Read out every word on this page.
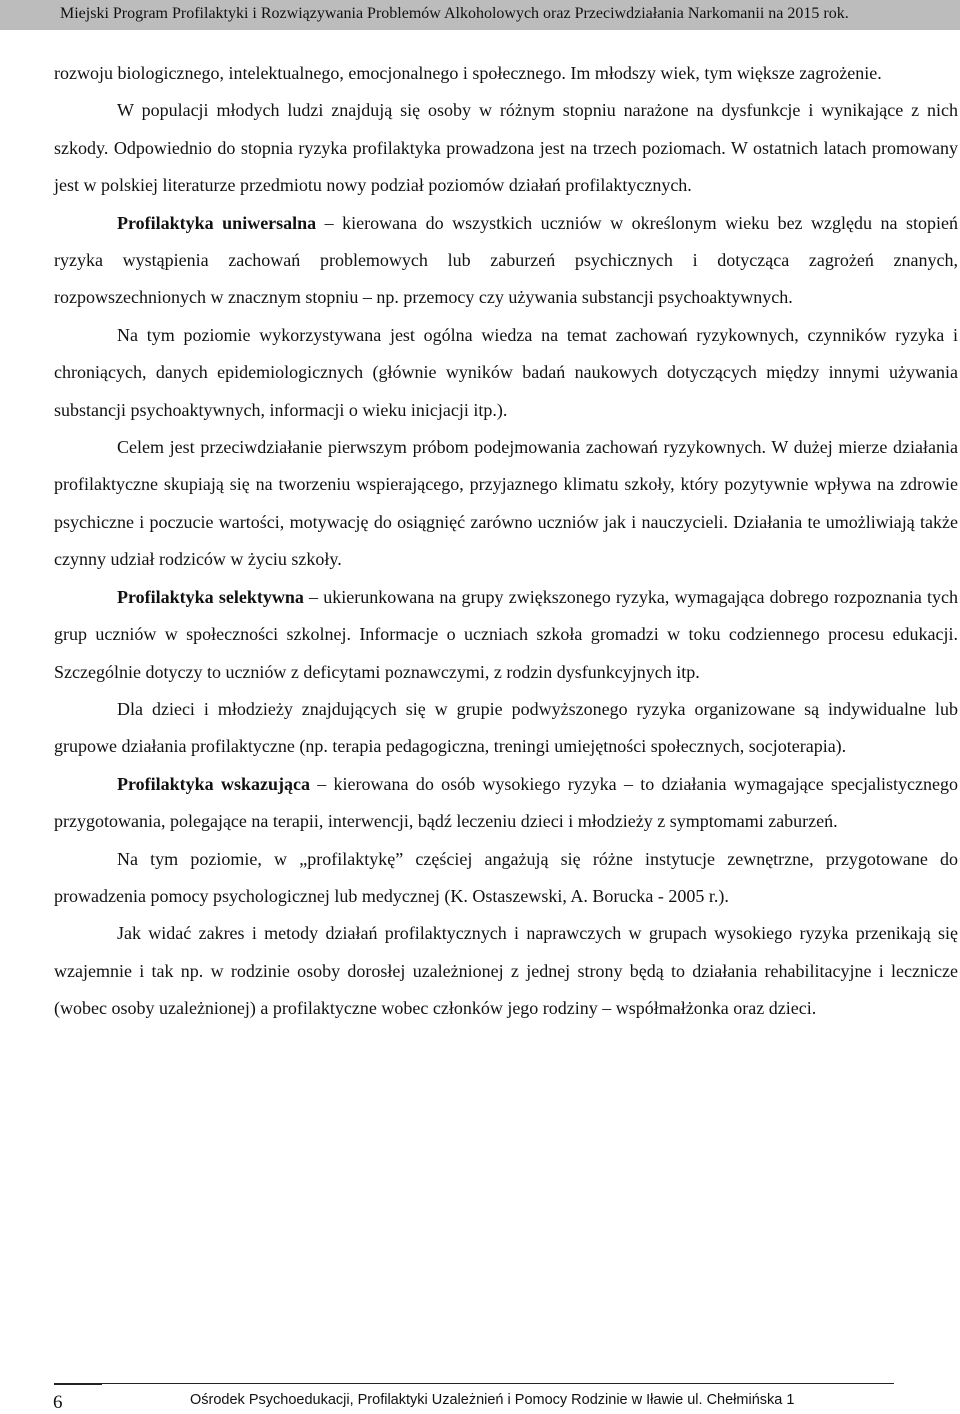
Miejski Program Profilaktyki i Rozwiązywania Problemów Alkoholowych oraz Przeciwdziałania Narkomanii na 2015 rok.

rozwoju biologicznego, intelektualnego, emocjonalnego i społecznego. Im młodszy wiek, tym większe zagrożenie.

W populacji młodych ludzi znajdują się osoby w różnym stopniu narażone na dysfunkcje i wynikające z nich szkody. Odpowiednio do stopnia ryzyka profilaktyka prowadzona jest na trzech poziomach. W ostatnich latach promowany jest w polskiej literaturze przedmiotu nowy podział poziomów działań profilaktycznych.

Profilaktyka uniwersalna – kierowana do wszystkich uczniów w określonym wieku bez względu na stopień ryzyka wystąpienia zachowań problemowych lub zaburzeń psychicznych i dotycząca zagrożeń znanych, rozpowszechnionych w znacznym stopniu – np. przemocy czy używania substancji psychoaktywnych.

Na tym poziomie wykorzystywana jest ogólna wiedza na temat zachowań ryzykownych, czynników ryzyka i chroniących, danych epidemiologicznych (głównie wyników badań naukowych dotyczących między innymi używania substancji psychoaktywnych, informacji o wieku inicjacji itp.).

Celem jest przeciwdziałanie pierwszym próbom podejmowania zachowań ryzykownych. W dużej mierze działania profilaktyczne skupiają się na tworzeniu wspierającego, przyjaznego klimatu szkoły, który pozytywnie wpływa na zdrowie psychiczne i poczucie wartości, motywację do osiągnięć zarówno uczniów jak i nauczycieli. Działania te umożliwiają także czynny udział rodziców w życiu szkoły.

Profilaktyka selektywna – ukierunkowana na grupy zwiększonego ryzyka, wymagająca dobrego rozpoznania tych grup uczniów w społeczności szkolnej. Informacje o uczniach szkoła gromadzi w toku codziennego procesu edukacji. Szczególnie dotyczy to uczniów z deficytami poznawczymi, z rodzin dysfunkcyjnych itp.

Dla dzieci i młodzieży znajdujących się w grupie podwyższonego ryzyka organizowane są indywidualne lub grupowe działania profilaktyczne (np. terapia pedagogiczna, treningi umiejętności społecznych, socjoterapia).

Profilaktyka wskazująca – kierowana do osób wysokiego ryzyka – to działania wymagające specjalistycznego przygotowania, polegające na terapii, interwencji, bądź leczeniu dzieci i młodzieży z symptomami zaburzeń.

Na tym poziomie, w „profilaktykę” częściej angażują się różne instytucje zewnętrzne, przygotowane do prowadzenia pomocy psychologicznej lub medycznej (K. Ostaszewski, A. Borucka - 2005 r.).

Jak widać zakres i metody działań profilaktycznych i naprawczych w grupach wysokiego ryzyka przenikają się wzajemnie i tak np. w rodzinie osoby dorosłej uzależnionej z jednej strony będą to działania rehabilitacyjne i lecznicze (wobec osoby uzależnionej) a profilaktyczne wobec członków jego rodziny – współmałżonka oraz dzieci.

6	Ośrodek Psychoedukacji, Profilaktyki Uzależnień i Pomocy Rodzinie w Iławie ul. Chełmińska 1
